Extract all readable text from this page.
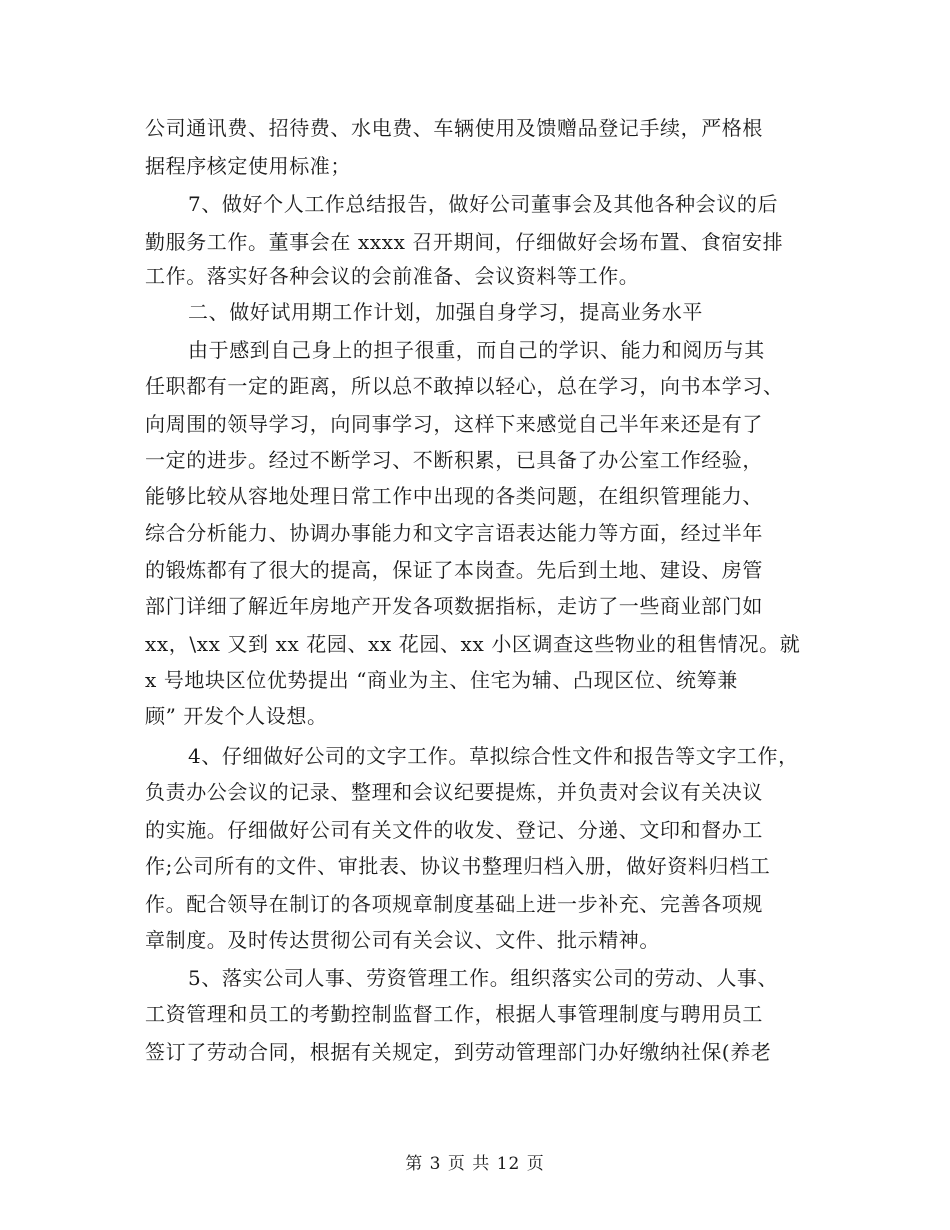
公司通讯费、招待费、水电费、车辆使用及馈赠品登记手续，严格根
据程序核定使用标准；
7、做好个人工作总结报告，做好公司董事会及其他各种会议的后
勤服务工作。董事会在 xxxx 召开期间，仔细做好会场布置、食宿安排
工作。落实好各种会议的会前准备、会议资料等工作。
二、做好试用期工作计划，加强自身学习，提高业务水平
由于感到自己身上的担子很重，而自己的学识、能力和阅历与其
任职都有一定的距离，所以总不敢掉以轻心，总在学习，向书本学习、
向周围的领导学习，向同事学习，这样下来感觉自己半年来还是有了
一定的进步。经过不断学习、不断积累，已具备了办公室工作经验，
能够比较从容地处理日常工作中出现的各类问题，在组织管理能力、
综合分析能力、协调办事能力和文字言语表达能力等方面，经过半年
的锻炼都有了很大的提高，保证了本岗查。先后到土地、建设、房管
部门详细了解近年房地产开发各项数据指标，走访了一些商业部门如
xx，\xx 又到 xx 花园、xx 花园、xx 小区调查这些物业的租售情况。就
x 号地块区位优势提出 “商业为主、住宅为辅、凸现区位、统筹兼
顾” 开发个人设想。
4、仔细做好公司的文字工作。草拟综合性文件和报告等文字工作，
负责办公会议的记录、整理和会议纪要提炼，并负责对会议有关决议
的实施。仔细做好公司有关文件的收发、登记、分递、文印和督办工
作;公司所有的文件、审批表、协议书整理归档入册，做好资料归档工
作。配合领导在制订的各项规章制度基础上进一步补充、完善各项规
章制度。及时传达贯彻公司有关会议、文件、批示精神。
5、落实公司人事、劳资管理工作。组织落实公司的劳动、人事、
工资管理和员工的考勤控制监督工作，根据人事管理制度与聘用员工
签订了劳动合同，根据有关规定，到劳动管理部门办好缴纳社保(养老
第 3 页 共 12 页
